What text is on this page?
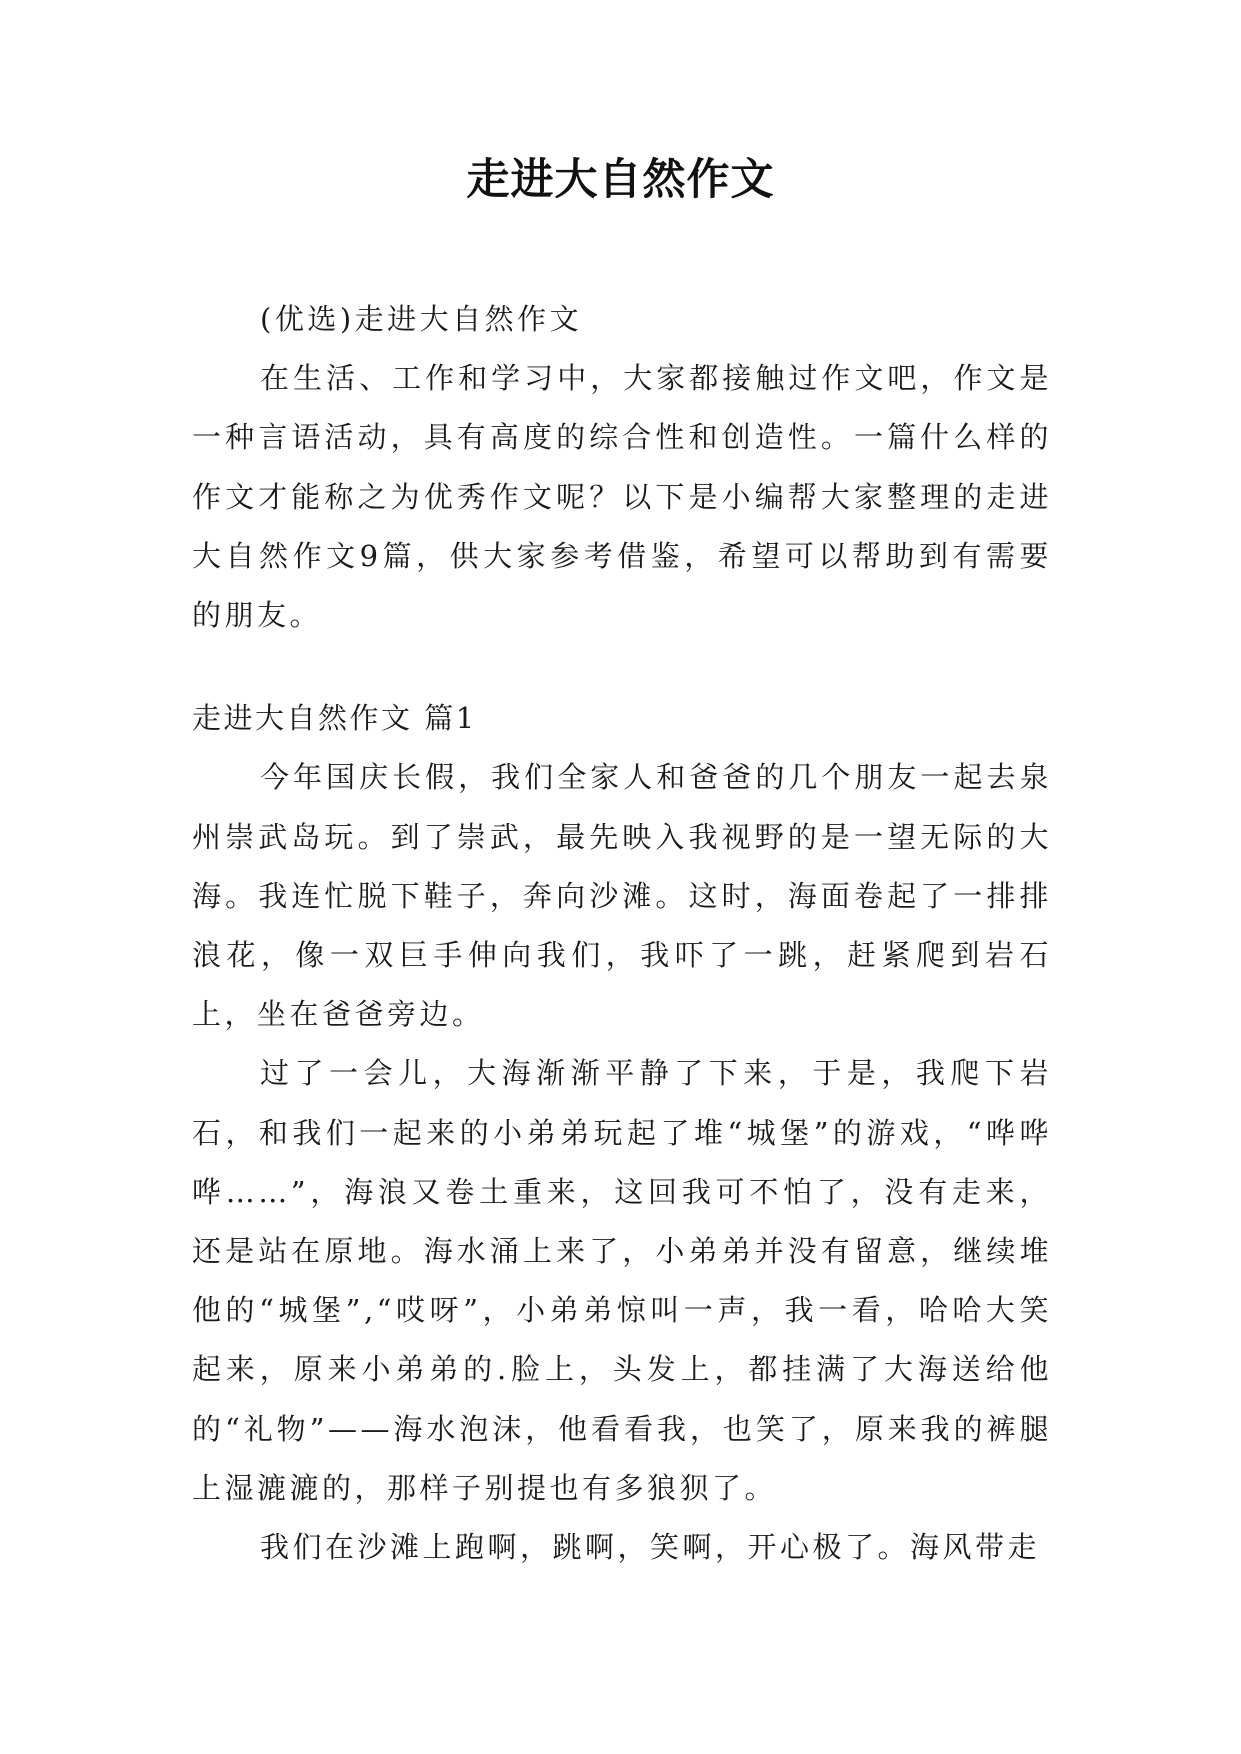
走进大自然作文

(优选)走进大自然作文

在生活、工作和学习中，大家都接触过作文吧，作文是一种言语活动，具有高度的综合性和创造性。一篇什么样的作文才能称之为优秀作文呢？以下是小编帮大家整理的走进大自然作文9篇，供大家参考借鉴，希望可以帮助到有需要的朋友。

走进大自然作文 篇1

今年国庆长假，我们全家人和爸爸的几个朋友一起去泉州崇武岛玩。到了崇武，最先映入我视野的是一望无际的大海。我连忙脱下鞋子，奔向沙滩。这时，海面卷起了一排排浪花，像一双巨手伸向我们，我吓了一跳，赶紧爬到岩石上，坐在爸爸旁边。

过了一会儿，大海渐渐平静了下来，于是，我爬下岩石，和我们一起来的小弟弟玩起了堆“城堡”的游戏，“哗哗哗……”，海浪又卷土重来，这回我可不怕了，没有走来，还是站在原地。海水涌上来了，小弟弟并没有留意，继续堆他的“城堡”,“哎呀”，小弟弟惊叫一声，我一看，哈哈大笑起来，原来小弟弟的.脸上，头发上，都挂满了大海送给他的“礼物”——海水泡沫，他看看我，也笑了，原来我的裤腿上湿漉漉的，那样子别提也有多狼狈了。

我们在沙滩上跑啊，跳啊，笑啊，开心极了。海风带走
